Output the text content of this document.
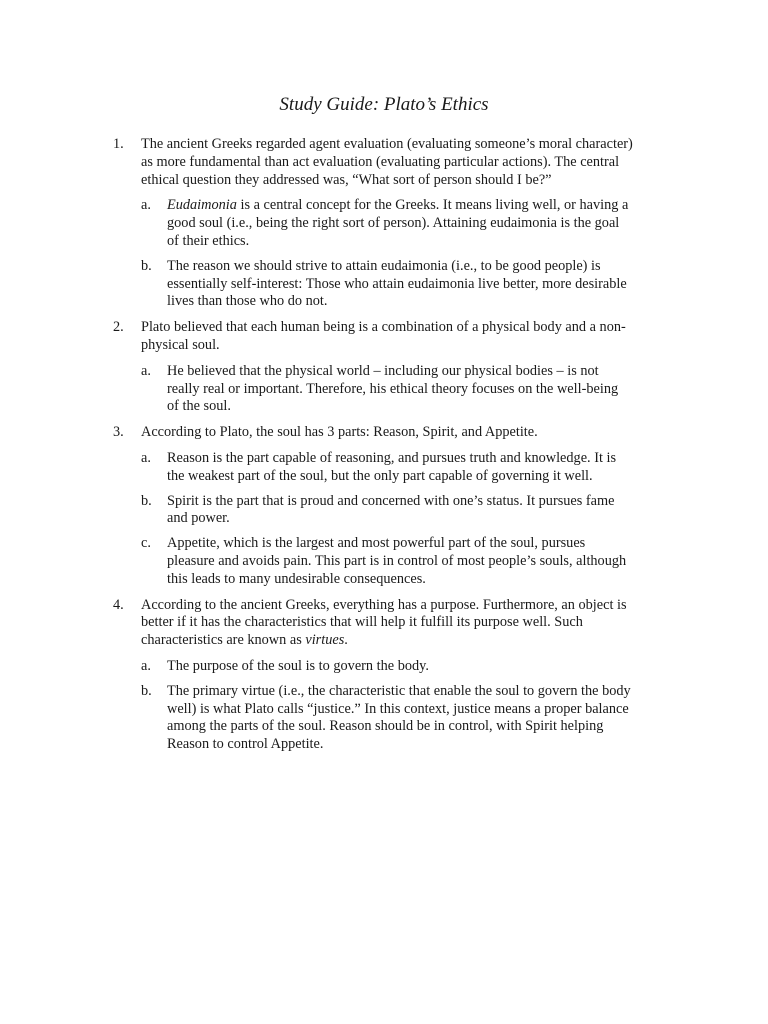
Study Guide: Plato’s Ethics
1. The ancient Greeks regarded agent evaluation (evaluating someone’s moral character) as more fundamental than act evaluation (evaluating particular actions). The central ethical question they addressed was, “What sort of person should I be?”
a. Eudaimonia is a central concept for the Greeks. It means living well, or having a good soul (i.e., being the right sort of person). Attaining eudaimonia is the goal of their ethics.
b. The reason we should strive to attain eudaimonia (i.e., to be good people) is essentially self-interest: Those who attain eudaimonia live better, more desirable lives than those who do not.
2. Plato believed that each human being is a combination of a physical body and a non-physical soul.
a. He believed that the physical world – including our physical bodies – is not really real or important. Therefore, his ethical theory focuses on the well-being of the soul.
3. According to Plato, the soul has 3 parts: Reason, Spirit, and Appetite.
a. Reason is the part capable of reasoning, and pursues truth and knowledge. It is the weakest part of the soul, but the only part capable of governing it well.
b. Spirit is the part that is proud and concerned with one’s status. It pursues fame and power.
c. Appetite, which is the largest and most powerful part of the soul, pursues pleasure and avoids pain. This part is in control of most people’s souls, although this leads to many undesirable consequences.
4. According to the ancient Greeks, everything has a purpose. Furthermore, an object is better if it has the characteristics that will help it fulfill its purpose well. Such characteristics are known as virtues.
a. The purpose of the soul is to govern the body.
b. The primary virtue (i.e., the characteristic that enable the soul to govern the body well) is what Plato calls “justice.” In this context, justice means a proper balance among the parts of the soul. Reason should be in control, with Spirit helping Reason to control Appetite.
